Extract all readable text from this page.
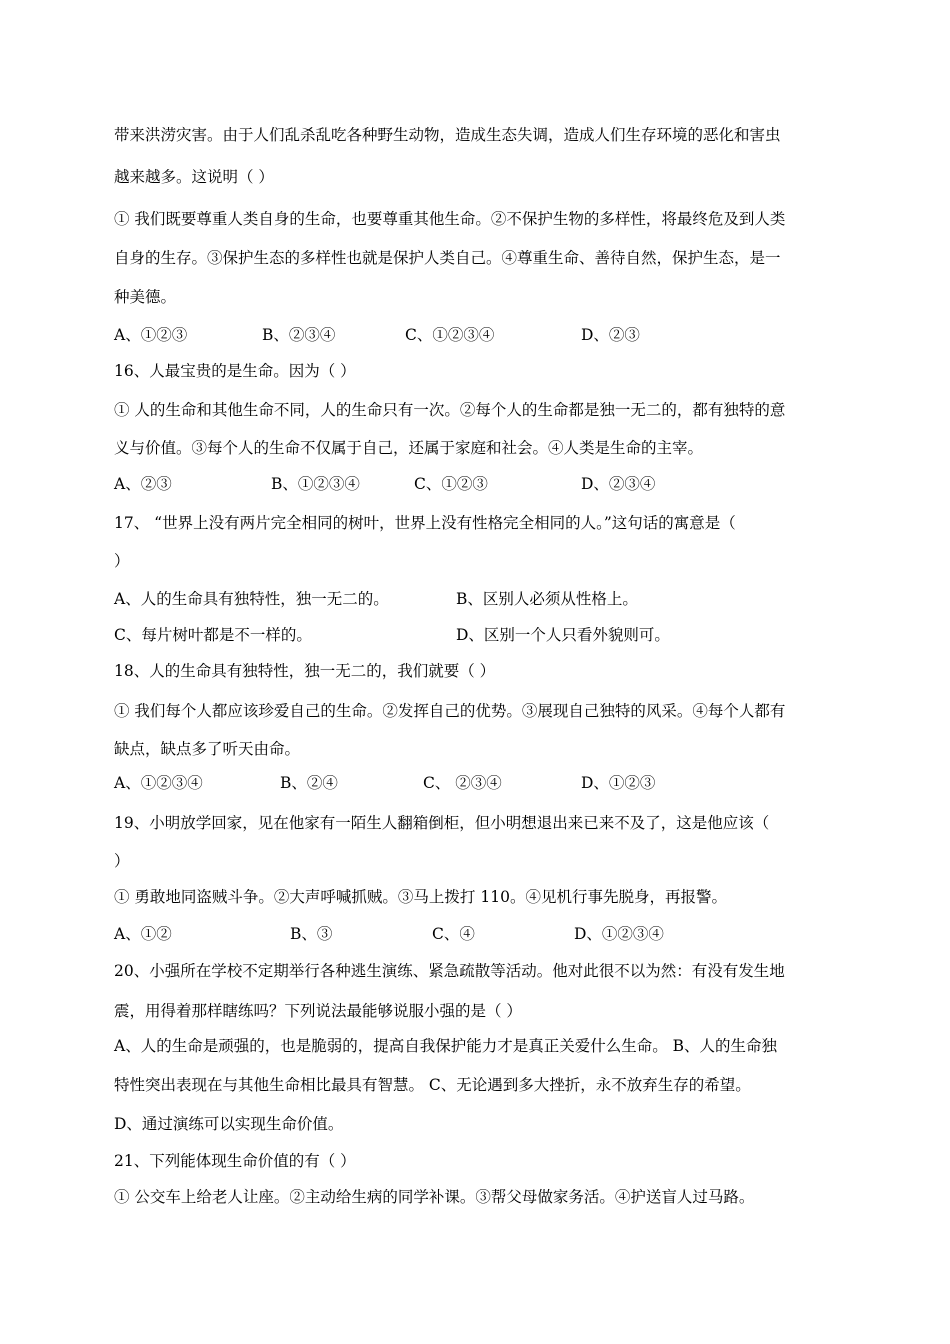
带来洪涝灾害。由于人们乱杀乱吃各种野生动物，造成生态失调，造成人们生存环境的恶化和害虫
越来越多。这说明（ ）
① 我们既要尊重人类自身的生命，也要尊重其他生命。②不保护生物的多样性，将最终危及到人类
自身的生存。③保护生态的多样性也就是保护人类自己。④尊重生命、善待自然，保护生态，是一
种美德。
A、①②③	B、②③④	C、①②③④	D、②③
16、人最宝贵的是生命。因为（ ）
① 人的生命和其他生命不同，人的生命只有一次。②每个人的生命都是独一无二的，都有独特的意
义与价值。③每个人的生命不仅属于自己，还属于家庭和社会。④人类是生命的主宰。
A、②③	B、①②③④	C、①②③	D、②③④
17、 “世界上没有两片完全相同的树叶，世界上没有性格完全相同的人。”这句话的寓意是（
）
A、人的生命具有独特性，独一无二的。	B、区别人必须从性格上。
C、每片树叶都是不一样的。	D、区别一个人只看外貌则可。
18、人的生命具有独特性，独一无二的，我们就要（ ）
① 我们每个人都应该珍爱自己的生命。②发挥自己的优势。③展现自己独特的风采。④每个人都有
缺点，缺点多了听天由命。
A、①②③④	B、②④	C、 ②③④	D、①②③
19、小明放学回家，见在他家有一陌生人翻箱倒柜，但小明想退出来已来不及了，这是他应该（
）
① 勇敢地同盗贼斗争。②大声呼喊抓贼。③马上拨打 110。④见机行事先脱身，再报警。
A、①②	B、③	C、④	D、①②③④
20、小强所在学校不定期举行各种逃生演练、紧急疏散等活动。他对此很不以为然：有没有发生地
震，用得着那样瞎练吗？下列说法最能够说服小强的是（ ）
A、人的生命是顽强的，也是脆弱的，提高自我保护能力才是真正关爱什么生命。 B、人的生命独
特性突出表现在与其他生命相比最具有智慧。 C、无论遇到多大挫折，永不放弃生存的希望。
D、通过演练可以实现生命价值。
21、下列能体现生命价值的有（ ）
① 公交车上给老人让座。②主动给生病的同学补课。③帮父母做家务活。④护送盲人过马路。
